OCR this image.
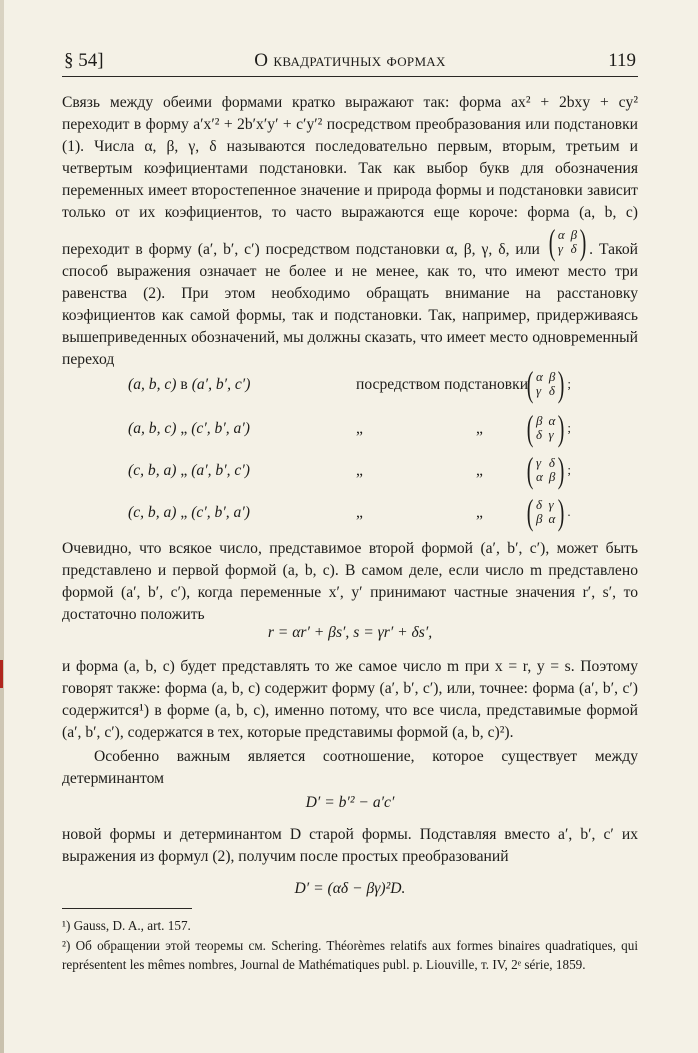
§ 54]	О квадратичных формах	119

Связь между обеими формами кратко выражают так: форма ax² + 2bxy + cy² переходит в форму a′x′² + 2b′x′y′ + c′y′² посредством преобразования или подстановки (1). Числа α, β, γ, δ называются последовательно первым, вторым, третьим и четвертым коэфициентами подстановки. Так как выбор букв для обозначения переменных имеет второстепенное значение и природа формы и подстановки зависит только от их коэфициентов, то часто выражаются еще короче: форма (a, b, c) переходит в форму (a′, b′, c′) посредством подстановки α, β, γ, δ, или ( α β
γ δ ) . Такой способ выражения означает не более и не менее, как то, что имеют место три равенства (2). При этом необходимо обращать внимание на расстановку коэфициентов как самой формы, так и подстановки. Так, например, придерживаясь вышеприведенных обозначений, мы должны сказать, что имеет место одновременный переход

(a, b, c) в (a′, b′, c′)	посредством подстановки
( α β
γ δ ) ;
(a, b, c) „ (c′, b′, a′)	„	„ ( β α
δ γ ) ;
(c, b, a) „ (a′, b′, c′)	„	„ ( γ δ
α β ) ;
(c, b, a) „ (c′, b′, a′)	„	„ ( δ γ
β α ) .

Очевидно, что всякое число, представимое второй формой (a′, b′, c′), может быть представлено и первой формой (a, b, c). В самом деле, если число m представлено формой (a′, b′, c′), когда переменные x′, y′ принимают частные значения r′, s′, то достаточно положить

r = αr′ + βs′, s = γr′ + δs′,

и форма (a, b, c) будет представлять то же самое число m при x = r, y = s. Поэтому говорят также: форма (a, b, c) содержит форму (a′, b′, c′), или, точнее: форма (a′, b′, c′) содержится¹) в форме (a, b, c), именно потому, что все числа, представимые формой (a′, b′, c′), содержатся в тех, которые представимы формой (a, b, c)²).

Особенно важным является соотношение, которое существует между детерминантом

D′ = b′² − a′c′

новой формы и детерминантом D старой формы. Подставляя вместо a′, b′, c′ их выражения из формул (2), получим после простых преобразований

D′ = (αδ − βγ)²D.
¹) Gauss, D. A., art. 157.
²) Об обращении этой теоремы см. Schering. Théorèmes relatifs aux formes binaires quadratiques, qui représentent les mêmes nombres, Journal de Mathématiques publ. p. Liouville, т. IV, 2ᵉ série, 1859.
